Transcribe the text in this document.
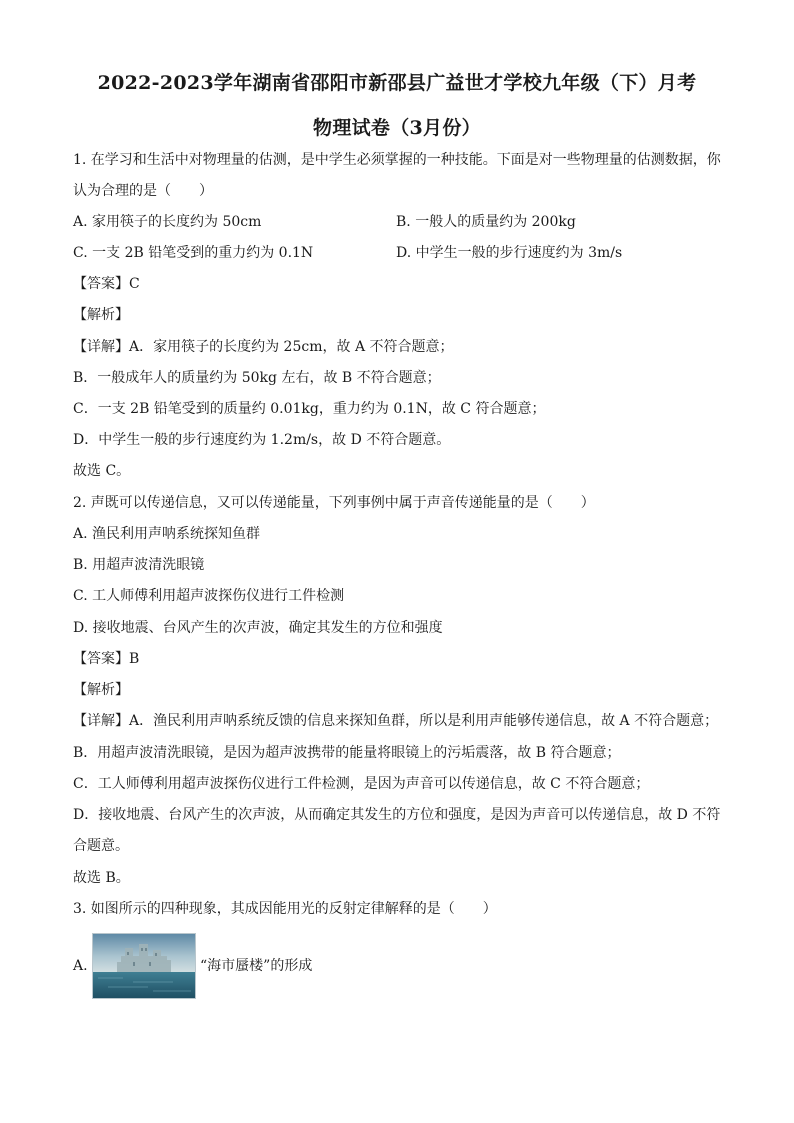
2022-2023学年湖南省邵阳市新邵县广益世才学校九年级（下）月考
物理试卷（3月份）
1. 在学习和生活中对物理量的估测，是中学生必须掌握的一种技能。下面是对一些物理量的估测数据，你
认为合理的是（　　）
A. 家用筷子的长度约为 50cm	B. 一般人的质量约为 200kg
C. 一支 2B 铅笔受到的重力约为 0.1N	D. 中学生一般的步行速度约为 3m/s
【答案】C
【解析】
【详解】A．家用筷子的长度约为 25cm，故 A 不符合题意；
B．一般成年人的质量约为 50kg 左右，故 B 不符合题意；
C．一支 2B 铅笔受到的质量约 0.01kg，重力约为 0.1N，故 C 符合题意；
D．中学生一般的步行速度约为 1.2m/s，故 D 不符合题意。
故选 C。
2. 声既可以传递信息，又可以传递能量，下列事例中属于声音传递能量的是（　　）
A. 渔民利用声呐系统探知鱼群
B. 用超声波清洗眼镜
C. 工人师傅利用超声波探伤仪进行工件检测
D. 接收地震、台风产生的次声波，确定其发生的方位和强度
【答案】B
【解析】
【详解】A．渔民利用声呐系统反馈的信息来探知鱼群，所以是利用声能够传递信息，故 A 不符合题意；
B．用超声波清洗眼镜，是因为超声波携带的能量将眼镜上的污垢震落，故 B 符合题意；
C．工人师傅利用超声波探伤仪进行工件检测，是因为声音可以传递信息，故 C 不符合题意；
D．接收地震、台风产生的次声波，从而确定其发生的方位和强度，是因为声音可以传递信息，故 D 不符
合题意。
故选 B。
3. 如图所示的四种现象，其成因能用光的反射定律解释的是（　　）
A.	“海市蜃楼”的形成
